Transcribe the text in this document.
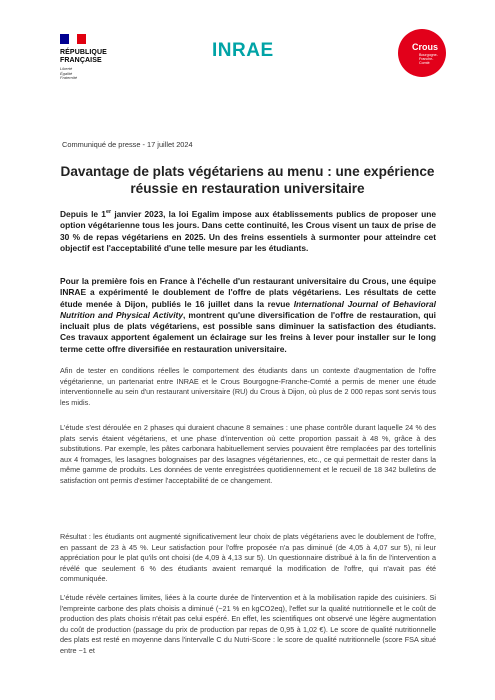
RÉPUBLIQUE
FRANÇAISE
Liberté
Égalité
Fraternité
INRAE	Crous
Bourgogne-Franche-Comté
Communiqué de presse - 17 juillet 2024
Davantage de plats végétariens au menu : une expérience réussie en restauration universitaire
Depuis le 1er janvier 2023, la loi Egalim impose aux établissements publics de proposer une option végétarienne tous les jours. Dans cette continuité, les Crous visent un taux de prise de 30 % de repas végétariens en 2025. Un des freins essentiels à surmonter pour atteindre cet objectif est l'acceptabilité d'une telle mesure par les étudiants.
Pour la première fois en France à l'échelle d'un restaurant universitaire du Crous, une équipe INRAE a expérimenté le doublement de l'offre de plats végétariens. Les résultats de cette étude menée à Dijon, publiés le 16 juillet dans la revue International Journal of Behavioral Nutrition and Physical Activity, montrent qu'une diversification de l'offre de restauration, qui incluait plus de plats végétariens, est possible sans diminuer la satisfaction des étudiants. Ces travaux apportent également un éclairage sur les freins à lever pour installer sur le long terme cette offre diversifiée en restauration universitaire.
Afin de tester en conditions réelles le comportement des étudiants dans un contexte d'augmentation de l'offre végétarienne, un partenariat entre INRAE et le Crous Bourgogne-Franche-Comté a permis de mener une étude interventionnelle au sein d'un restaurant universitaire (RU) du Crous à Dijon, où plus de 2 000 repas sont servis tous les midis.
L'étude s'est déroulée en 2 phases qui duraient chacune 8 semaines : une phase contrôle durant laquelle 24 % des plats servis étaient végétariens, et une phase d'intervention où cette proportion passait à 48 %, grâce à des substitutions. Par exemple, les pâtes carbonara habituellement servies pouvaient être remplacées par des tortellinis aux 4 fromages, les lasagnes bolognaises par des lasagnes végétariennes, etc., ce qui permettait de rester dans la même gamme de produits. Les données de vente enregistrées quotidiennement et le recueil de 18 342 bulletins de satisfaction ont permis d'estimer l'acceptabilité de ce changement.
Résultat : les étudiants ont augmenté significativement leur choix de plats végétariens avec le doublement de l'offre, en passant de 23 à 45 %. Leur satisfaction pour l'offre proposée n'a pas diminué (de 4,05 à 4,07 sur 5), ni leur appréciation pour le plat qu'ils ont choisi (de 4,09 à 4,13 sur 5). Un questionnaire distribué à la fin de l'intervention a révélé que seulement 6 % des étudiants avaient remarqué la modification de l'offre, qui n'avait pas été communiquée.
L'étude révèle certaines limites, liées à la courte durée de l'intervention et à la mobilisation rapide des cuisiniers. Si l'empreinte carbone des plats choisis a diminué (−21 % en kgCO2eq), l'effet sur la qualité nutritionnelle et le coût de production des plats choisis n'était pas celui espéré. En effet, les scientifiques ont observé une légère augmentation du coût de production (passage du prix de production par repas de 0,95 à 1,02 €). Le score de qualité nutritionnelle des plats est resté en moyenne dans l'intervalle C du Nutri-Score : le score de qualité nutritionnelle (score FSA situé entre −1 et
